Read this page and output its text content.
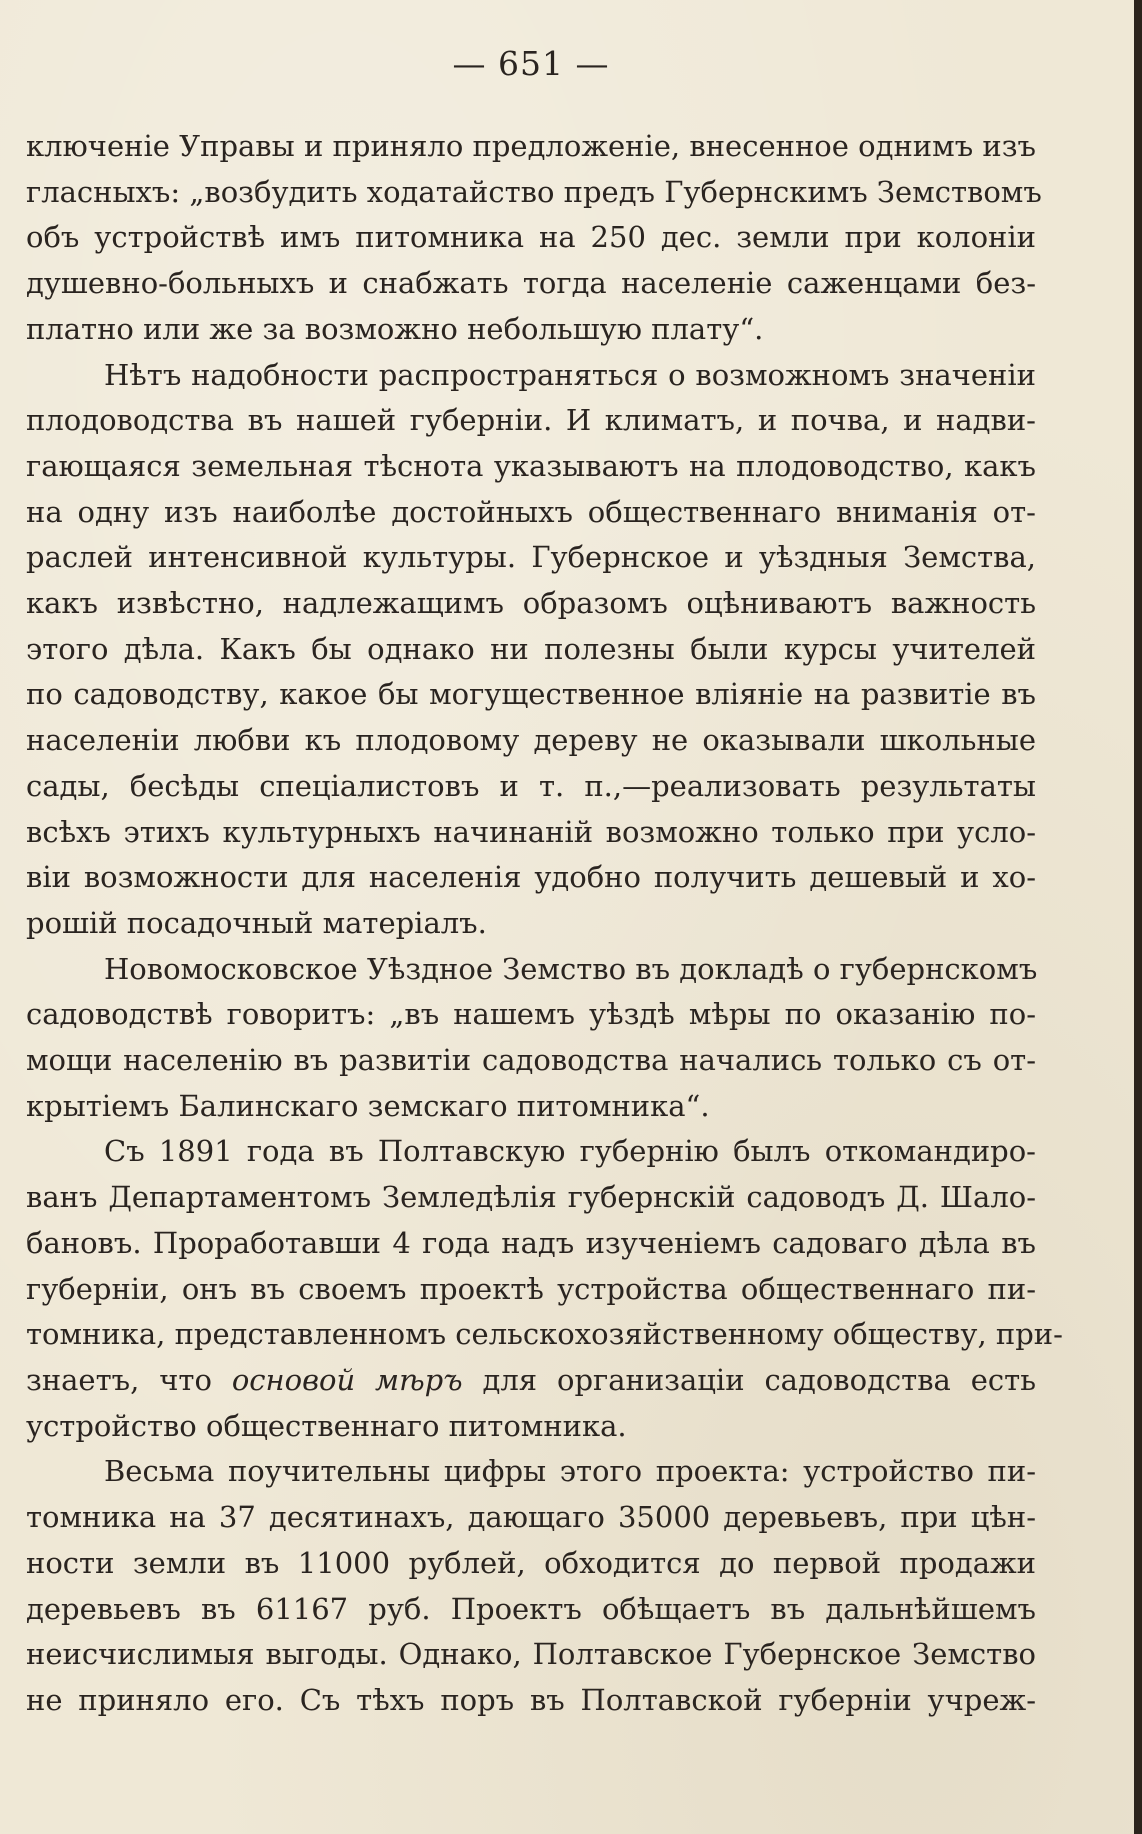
— 651 —

ключеніе Управы и приняло предложеніе, внесенное однимъ изъ
гласныхъ: „возбудить ходатайство предъ Губернскимъ Земствомъ
объ устройствѣ имъ питомника на 250 дес. земли при колоніи
душевно-больныхъ и снабжать тогда населеніе саженцами без-
платно или же за возможно небольшую плату“.

Нѣтъ надобности распространяться о возможномъ значеніи
плодоводства въ нашей губерніи. И климатъ, и почва, и надви-
гающаяся земельная тѣснота указываютъ на плодоводство, какъ
на одну изъ наиболѣе достойныхъ общественнаго вниманія от-
раслей интенсивной культуры. Губернское и уѣздныя Земства,
какъ извѣстно, надлежащимъ образомъ оцѣниваютъ важность
этого дѣла. Какъ бы однако ни полезны были курсы учителей
по садоводству, какое бы могущественное вліяніе на развитіе въ
населеніи любви къ плодовому дереву не оказывали школьные
сады, бесѣды спеціалистовъ и т. п.,—реализовать результаты
всѣхъ этихъ культурныхъ начинаній возможно только при усло-
віи возможности для населенія удобно получить дешевый и хо-
рошій посадочный матеріалъ.

Новомосковское Уѣздное Земство въ докладѣ о губернскомъ
садоводствѣ говоритъ: „въ нашемъ уѣздѣ мѣры по оказанію по-
мощи населенію въ развитіи садоводства начались только съ от-
крытіемъ Балинскаго земскаго питомника“.

Съ 1891 года въ Полтавскую губернію былъ откомандиро-
ванъ Департаментомъ Земледѣлія губернскій садоводъ Д. Шало-
бановъ. Проработавши 4 года надъ изученіемъ садоваго дѣла въ
губерніи, онъ въ своемъ проектѣ устройства общественнаго пи-
томника, представленномъ сельскохозяйственному обществу, при-
знаетъ, что основой мѣръ для организаціи садоводства есть
устройство общественнаго питомника.

Весьма поучительны цифры этого проекта: устройство пи-
томника на 37 десятинахъ, дающаго 35000 деревьевъ, при цѣн-
ности земли въ 11000 рублей, обходится до первой продажи
деревьевъ въ 61167 руб. Проектъ обѣщаетъ въ дальнѣйшемъ
неисчислимыя выгоды. Однако, Полтавское Губернское Земство
не приняло его. Съ тѣхъ поръ въ Полтавской губерніи учреж-
